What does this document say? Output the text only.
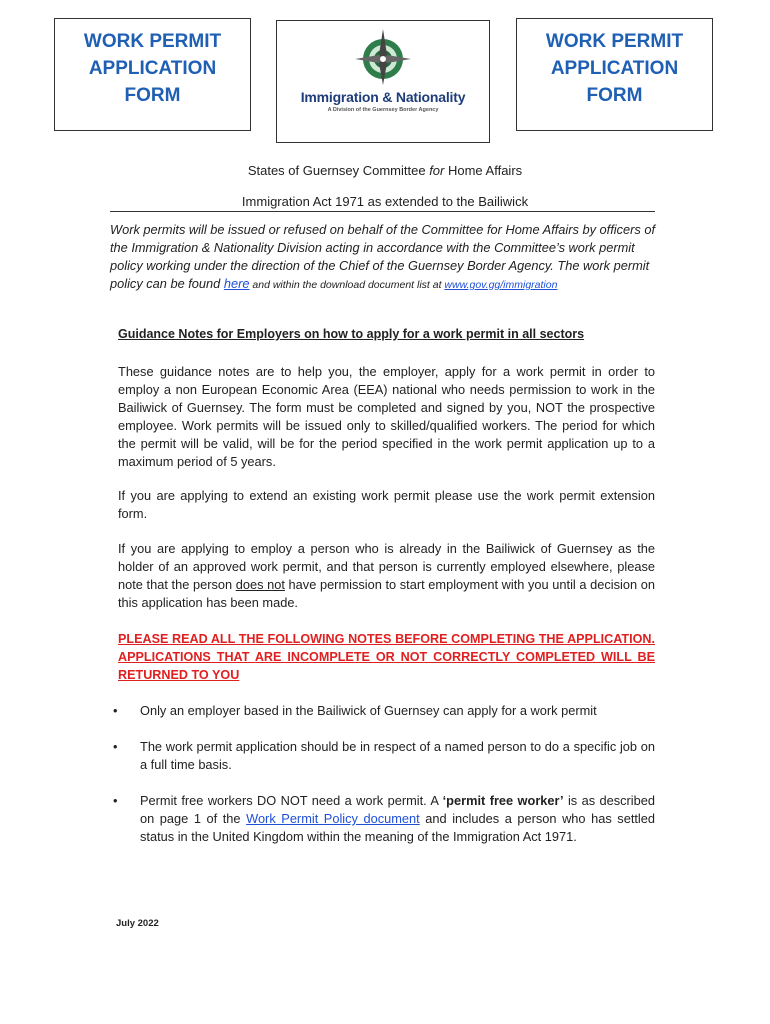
WORK PERMIT
APPLICATION
FORM	Immigration & Nationality
A Division of the Guernsey Border Agency
WORK PERMIT
APPLICATION
FORM
States of Guernsey Committee for Home Affairs
Immigration Act 1971 as extended to the Bailiwick
Work permits will be issued or refused on behalf of the Committee for Home Affairs by officers of the Immigration & Nationality Division acting in accordance with the Committee’s work permit policy working under the direction of the Chief of the Guernsey Border Agency. The work permit policy can be found here and within the download document list at www.gov.gg/immigration
Guidance Notes for Employers on how to apply for a work permit in all sectors
These guidance notes are to help you, the employer, apply for a work permit in order to employ a non European Economic Area (EEA) national who needs permission to work in the Bailiwick of Guernsey. The form must be completed and signed by you, NOT the prospective employee. Work permits will be issued only to skilled/qualified workers. The period for which the permit will be valid, will be for the period specified in the work permit application up to a maximum period of 5 years.
If you are applying to extend an existing work permit please use the work permit extension form.
If you are applying to employ a person who is already in the Bailiwick of Guernsey as the holder of an approved work permit, and that person is currently employed elsewhere, please note that the person does not have permission to start employment with you until a decision on this application has been made.
PLEASE READ ALL THE FOLLOWING NOTES BEFORE COMPLETING THE APPLICATION. APPLICATIONS THAT ARE INCOMPLETE OR NOT CORRECTLY COMPLETED WILL BE RETURNED TO YOU
•	Only an employer based in the Bailiwick of Guernsey can apply for a work permit
•	The work permit application should be in respect of a named person to do a specific job on a full time basis.
•	Permit free workers DO NOT need a work permit. A ‘permit free worker’ is as described on page 1 of the Work Permit Policy document and includes a person who has settled status in the United Kingdom within the meaning of the Immigration Act 1971.
July 2022
